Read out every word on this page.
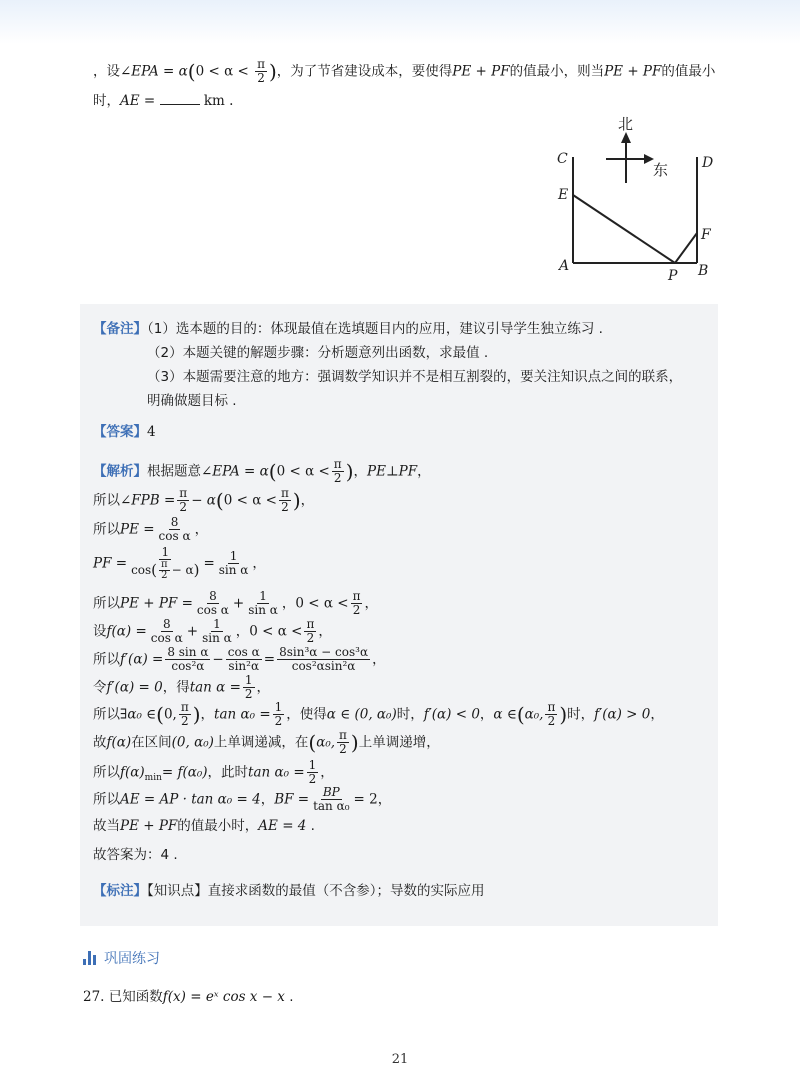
，设∠EPA = $\alpha(0 < \alpha < \frac{\pi}{2}$ )，为了节省建设成本，要使得PE + PF的值最小，则当PE + PF的值最小
时，AE =	km .
C	D
E
F
A
P B
北
东
【备注】（1）选本题的目的：体现最值在选填题目内的应用，建议引导学生独立练习 .
（2）本题关键的解题步骤：分析题意列出函数，求最值 .
（3）本题需要注意的地方：强调数学知识并不是相互割裂的，要关注知识点之间的联系，
明确做题目标 .
【答案】4
【解析】根据题意∠EPA = $\alpha(0 < \alpha < \frac{\pi}{2}$ )，PE⊥PF，
所以∠FPB = $\frac{\pi}{2} - \alpha(0 < \alpha < \frac{\pi}{2}$ )，
所以PE = $\frac{8}{\text{cos α}}$ ，
PF = $\frac{1}{\cos( \frac{\pi}{2} - \alpha)} = \frac{1}{\text{sin α}}$ ，
所以PE + PF = $\frac{8}{\text{cos α}} + \frac{1}{\text{sin α}}$ ，$0 < \alpha < \frac{\pi}{2}$ ，
设$f(\alpha) = \frac{8}{\text{cos α}} + \frac{1}{\text{sin α}}$ ，$0 < \alpha < \frac{\pi}{2}$ ，
所以$f'(\alpha) = \frac{\text{8 sin α}}{\text{cos²α}} - \frac{\text{cos α}}{\text{sin²α}} = \frac{\text{8sin³α − cos³α}}{\text{cos²αsin²α}}$ ，
令f′(α) = 0，得$\tan \alpha = \frac{1}{2}$ ，
所以∃α₀ ∈(0, $\frac{\pi}{2}$ )，$\tan \alpha_0 = \frac{1}{2}$ ，使得α ∈ (0, α₀)时，f′(α) < 0，α ∈(α₀, $\frac{\pi}{2}$ )时，f′(α) > 0，
故f(α)在区间(0, α₀)上单调递减，在(α₀, $\frac{\pi}{2}$ )上单调递增，
所以$f(\alpha)_{min}= f(\alpha_0)$，此时$\tan \alpha_0 = \frac{1}{2}$ ，
所以AE = AP · tan α₀ = 4，BF = $\frac{BP}{\text{tan α₀}} = 2$，
故当PE + PF的值最小时，AE = 4 .
故答案为：4 .
【标注】【知识点】直接求函数的最值（不含参）；导数的实际应用
巩固练习
27. 已知函数f(x) = eˣ cos x − x .
21
